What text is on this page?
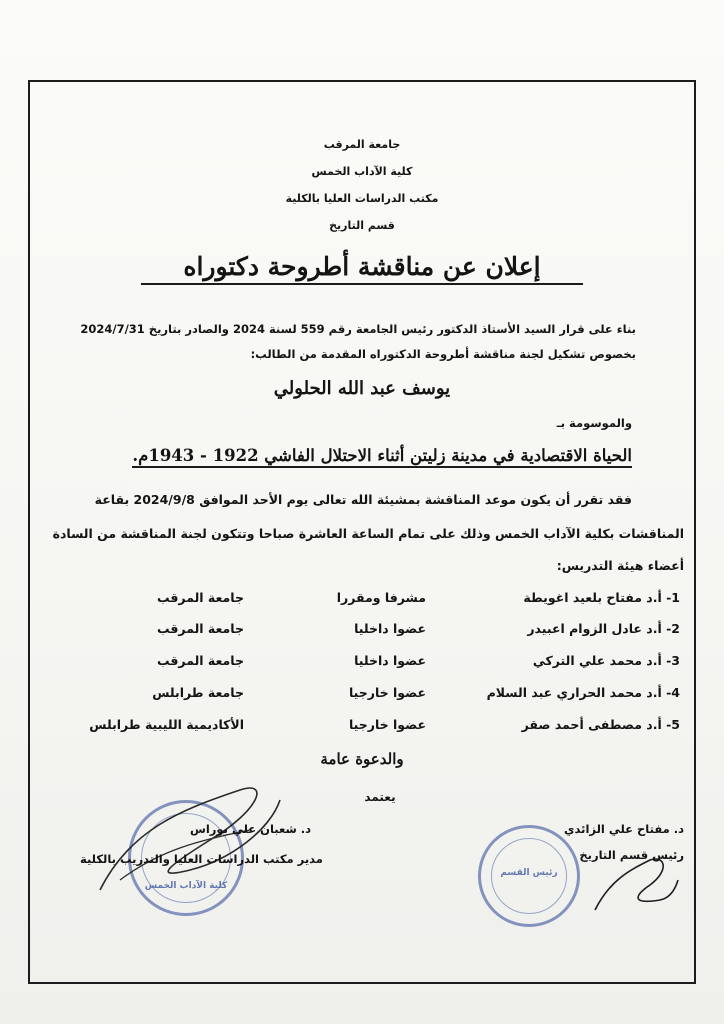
جامعة المرقب
كلية الآداب الخمس
مكتب الدراسات العليا بالكلية
قسم التاريخ
إعلان عن مناقشة أطروحة دكتوراه
بناء على قرار السيد الأستاذ الدكتور رئيس الجامعة رقم 559 لسنة 2024 والصادر بتاريخ 2024/7/31
بخصوص تشكيل لجنة مناقشة أطروحة الدكتوراه المقدمة من الطالب:
يوسف عبد الله الحلولي
والموسومة بـ
الحياة الاقتصادية في مدينة زليتن أثناء الاحتلال الفاشي 1922 - 1943م.
فقد تقرر أن يكون موعد المناقشة بمشيئة الله تعالى يوم الأحد الموافق 2024/9/8 بقاعة
المناقشات بكلية الآداب الخمس وذلك على تمام الساعة العاشرة صباحا وتتكون لجنة المناقشة من السادة
أعضاء هيئة التدريس:
1- أ.د مفتاح بلعيد اغويطة
مشرفا ومقررا
جامعة المرقب
2- أ.د عادل الزوام اعبيدر
عضوا داخليا
جامعة المرقب
3- أ.د محمد علي التركي
عضوا داخليا
جامعة المرقب
4- أ.د محمد الحراري عبد السلام
عضوا خارجيا
جامعة طرابلس
5- أ.د مصطفى أحمد صقر
عضوا خارجيا
الأكاديمية الليبية طرابلس
والدعوة عامة
يعتمد
كلية الآداب الخمس
رئيس القسم
د. مفتاح علي الزائدي
رئيس قسم التاريخ
د. شعبان علي بوراس
مدير مكتب الدراسات العليا والتدريب بالكلية
